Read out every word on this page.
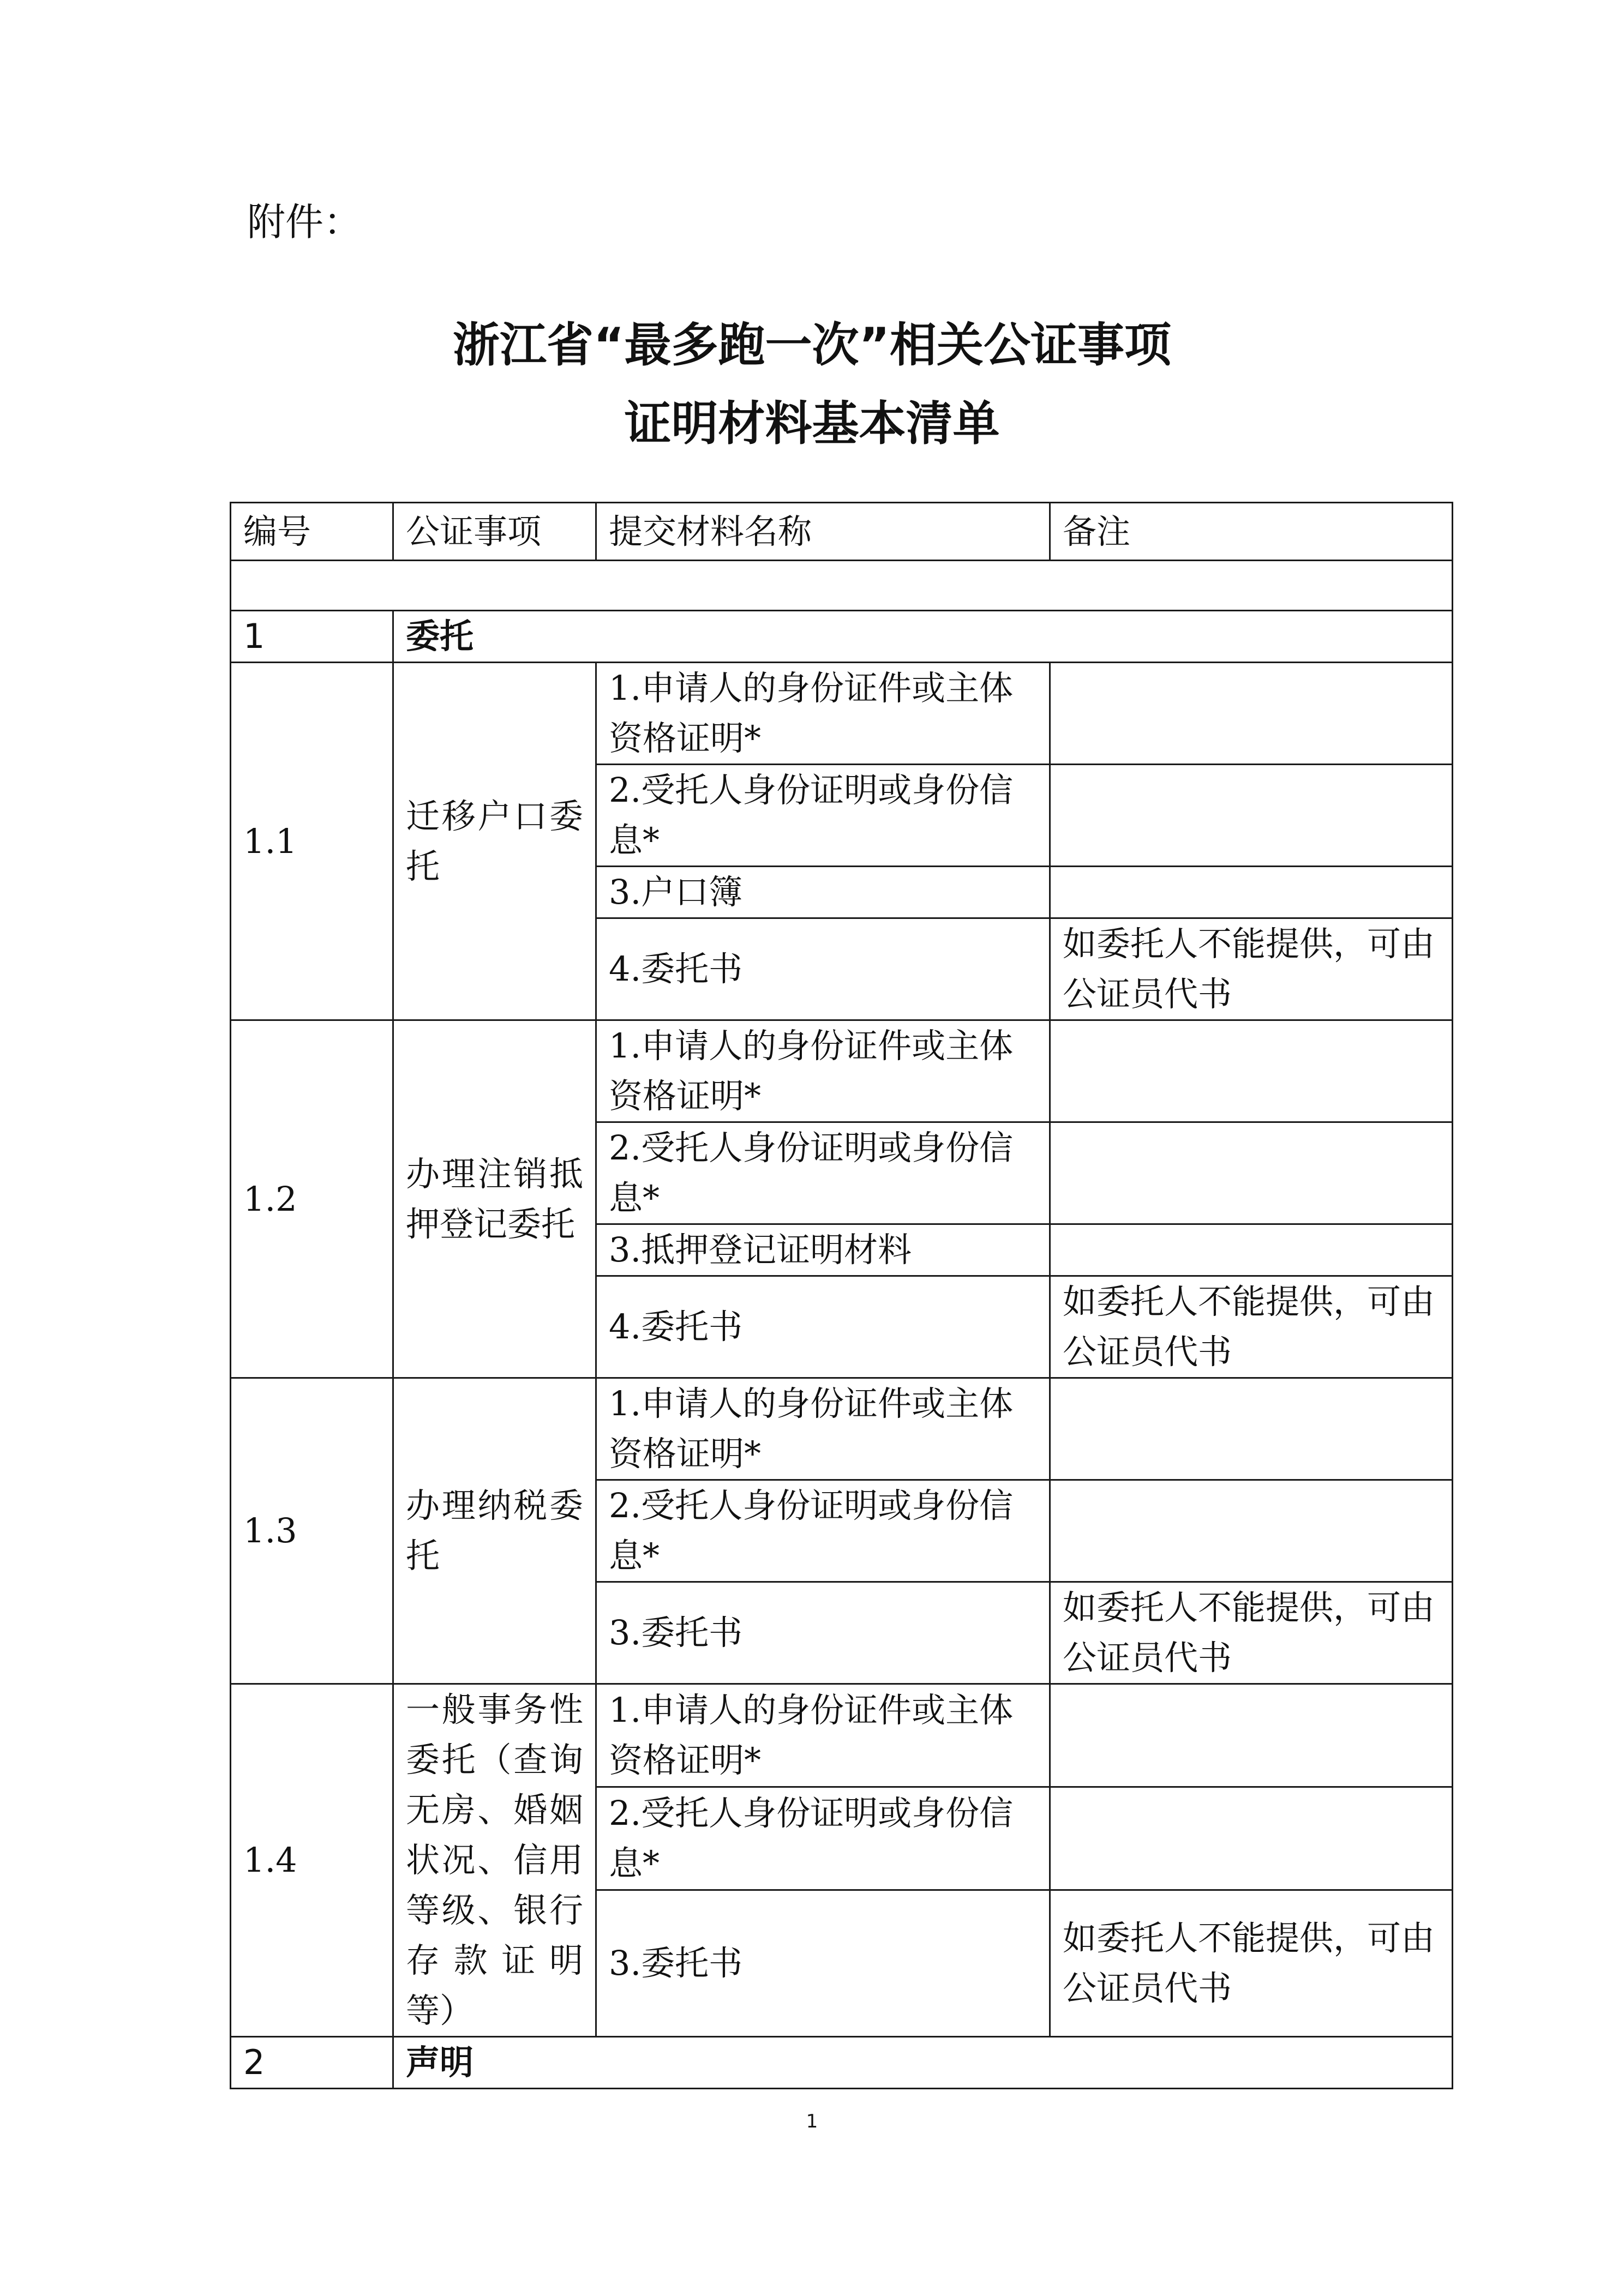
附件：
浙江省“最多跑一次”相关公证事项
证明材料基本清单
编号	公证事项	提交材料名称	备注

1	委托		
1.1	迁移户口委托	1.申请人的身份证件或主体资格证明*	
		2.受托人身份证明或身份信息*	
		3.户口簿	
		4.委托书	如委托人不能提供，可由公证员代书
1.2	办理注销抵押登记委托	1.申请人的身份证件或主体资格证明*	
		2.受托人身份证明或身份信息*	
		3.抵押登记证明材料	
		4.委托书	如委托人不能提供，可由公证员代书
1.3	办理纳税委托	1.申请人的身份证件或主体资格证明*	
		2.受托人身份证明或身份信息*	
		3.委托书	如委托人不能提供，可由公证员代书
1.4	一般事务性委托（查询无房、婚姻状况、信用等级、银行存款证明等）	1.申请人的身份证件或主体资格证明*	
		2.受托人身份证明或身份信息*	
		3.委托书	如委托人不能提供，可由公证员代书
2	声明		
1
